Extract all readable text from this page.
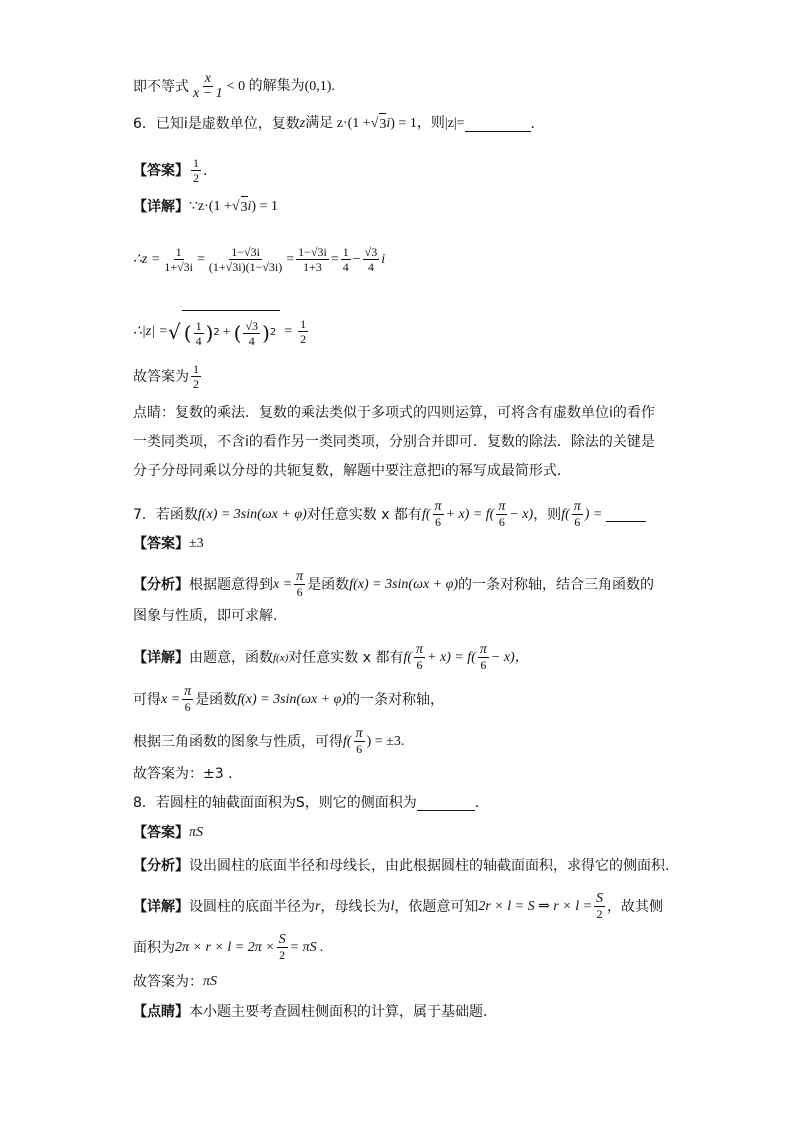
即不等式 $\frac{x}{x - 1} < 0$ 的解集为 (0,1).
6．已知i是虚数单位，复数 z 满足 z·(1 + √ 3 i ) = 1，则|z|=	．
【答案】 $\frac{1}{2}$ .
【详解】 ∵z·(1 + √ 3 i ) = 1
∴z = $\frac{1}{1+√3i} = \frac{1-√3i}{(1+√3i)(1-√3i)} = \frac{1-√3i}{1+3} = \frac{1}{4} - \frac{√3}{4}$ i
∴|z| = √ ( $\frac{1}{4}$ ) 2 + ( $\frac{√3}{4}$ ) $2 = \frac{1}{2}$
故答案为 $\frac{1}{2}$
点睛：复数的乘法．复数的乘法类似于多项式的四则运算，可将含有虚数单位i的看作
一类同类项，不含i的看作另一类同类项，分别合并即可．复数的除法．除法的关键是
分子分母同乘以分母的共轭复数，解题中要注意把i的幂写成最简形式．
7．若函数 f(x) = 3sin(ωx + φ) 对任意实数 x 都有 $f( \frac{\pi}{6} + x) = f( \frac{\pi}{6} - x)$ ，则 $f( \frac{\pi}{6}$ ) =
【答案】 ±3
【分析】 根据题意得到 $x = \frac{\pi}{6}$ 是函数 f(x) = 3sin(ωx + φ) 的一条对称轴，结合三角函数的
图象与性质，即可求解.
【详解】 由题意，函数 f(x) 对任意实数 x 都有 $f( \frac{\pi}{6} + x) = f( \frac{\pi}{6} - x)$，
可得 $x = \frac{\pi}{6}$ 是函数 f(x) = 3sin(ωx + φ) 的一条对称轴，
根据三角函数的图象与性质，可得 $f( \frac{\pi}{6}$ ) = ±3.
故答案为：±3 .
8．若圆柱的轴截面面积为S，则它的侧面积为	．
【答案】 πS
【分析】 设出圆柱的底面半径和母线长，由此根据圆柱的轴截面面积，求得它的侧面积.
【详解】 设圆柱的底面半径为 r ，母线长为 l ，依题意可知 2r × l = S ⇒ $r \times l = \frac{S}{2}$ ，故其侧
面积为 $2\pi \times r \times l = 2\pi \times \frac{S}{2} = \pi S$ .
故答案为： πS
【点睛】 本小题主要考查圆柱侧面积的计算，属于基础题.
